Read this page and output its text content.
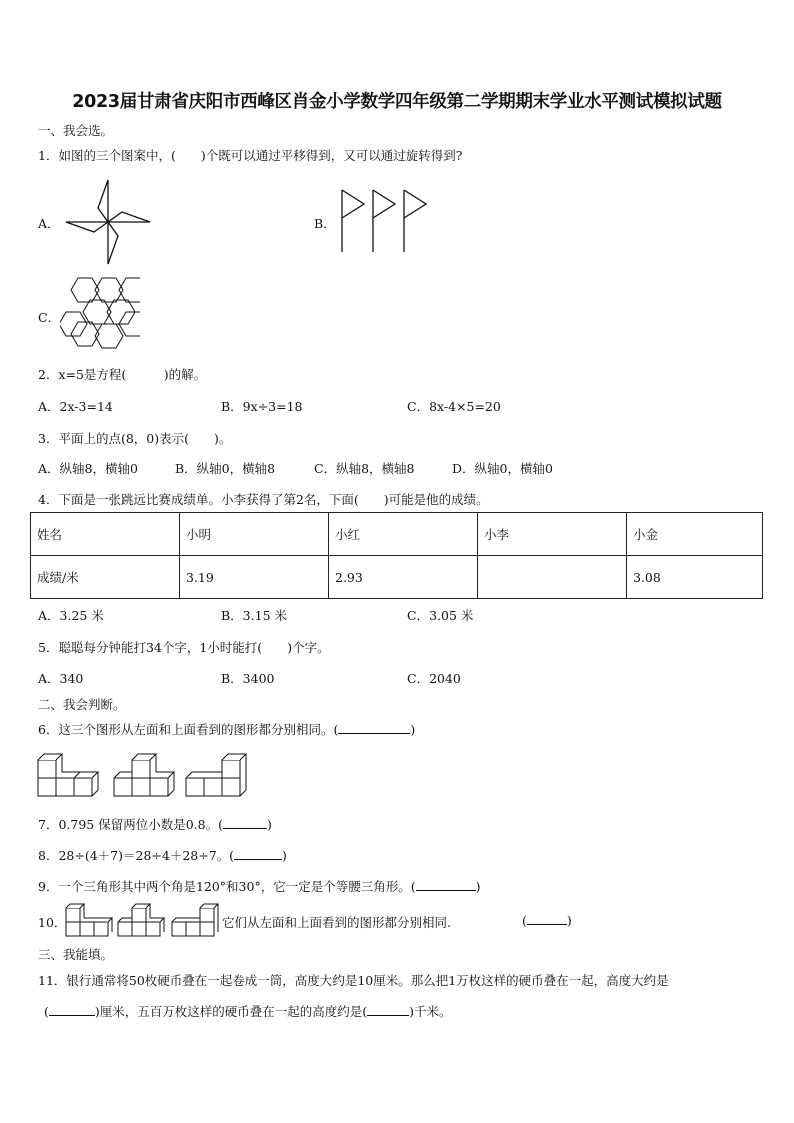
2023届甘肃省庆阳市西峰区肖金小学数学四年级第二学期期末学业水平测试模拟试题
一、我会选。
1．如图的三个图案中，(　　)个既可以通过平移得到，又可以通过旋转得到?
A．	B．
C．
2．x=5是方程(　　　)的解。
A．2x-3=14	B．9x÷3=18	C．8x-4×5=20
3．平面上的点(8，0)表示(　　)。
A．纵轴8，横轴0	B．纵轴0，横轴8	C．纵轴8，横轴8	D．纵轴0，横轴0
4．下面是一张跳远比赛成绩单。小李获得了第2名，下面(　　)可能是他的成绩。
姓名	小明	小红	小李	小金
成绩/米	3.19	2.93		3.08
A．3.25 米	B．3.15 米	C．3.05 米
5．聪聪每分钟能打34个字，1小时能打(　　)个字。
A．340	B．3400	C．2040
二、我会判断。
6．这三个图形从左面和上面看到的图形都分别相同。(	)
7．0.795 保留两位小数是0.8。(	)
8．28÷(4＋7)＝28÷4＋28÷7。(	)
9．一个三角形其中两个角是120°和30°，它一定是个等腰三角形。(	)
10．	它们从左面和上面看到的图形都分别相同.	(	)
三、我能填。
11．银行通常将50枚硬币叠在一起卷成一筒，高度大约是10厘米。那么把1万枚这样的硬币叠在一起，高度大约是
(	)厘米，五百万枚这样的硬币叠在一起的高度约是(	)千米。
